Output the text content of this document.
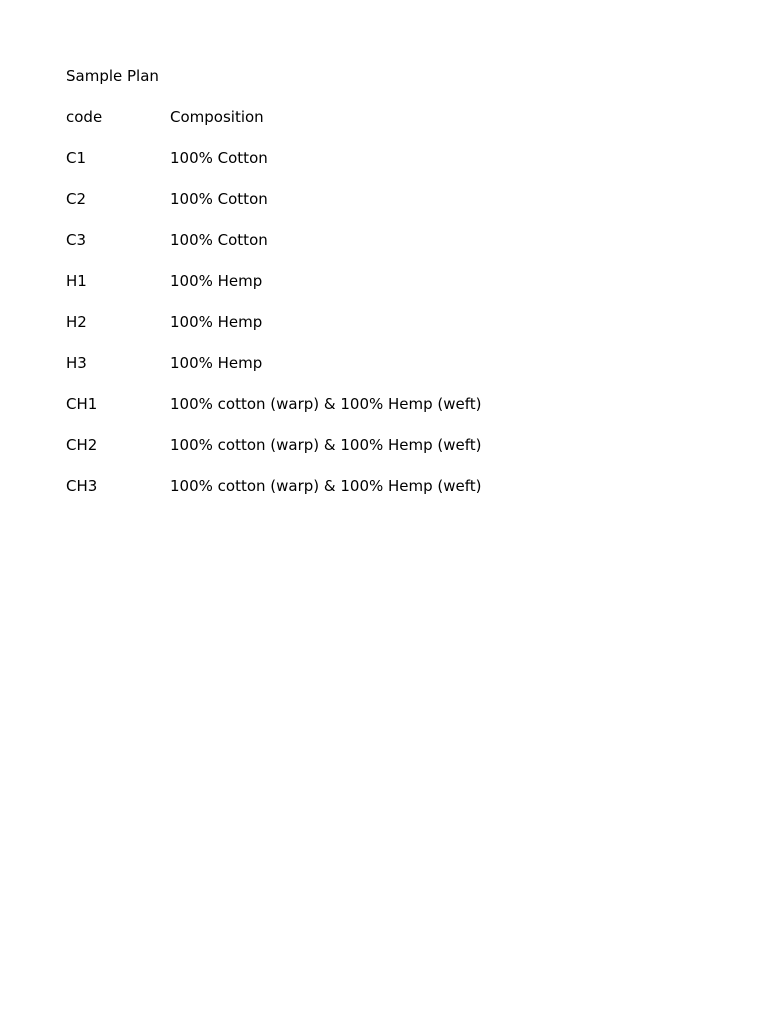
Sample Plan
code	Composition
C1	100% Cotton
C2	100% Cotton
C3	100% Cotton
H1	100% Hemp
H2	100% Hemp
H3	100% Hemp
CH1	100% cotton (warp) & 100% Hemp (weft)
CH2	100% cotton (warp) & 100% Hemp (weft)
CH3	100% cotton (warp) & 100% Hemp (weft)
